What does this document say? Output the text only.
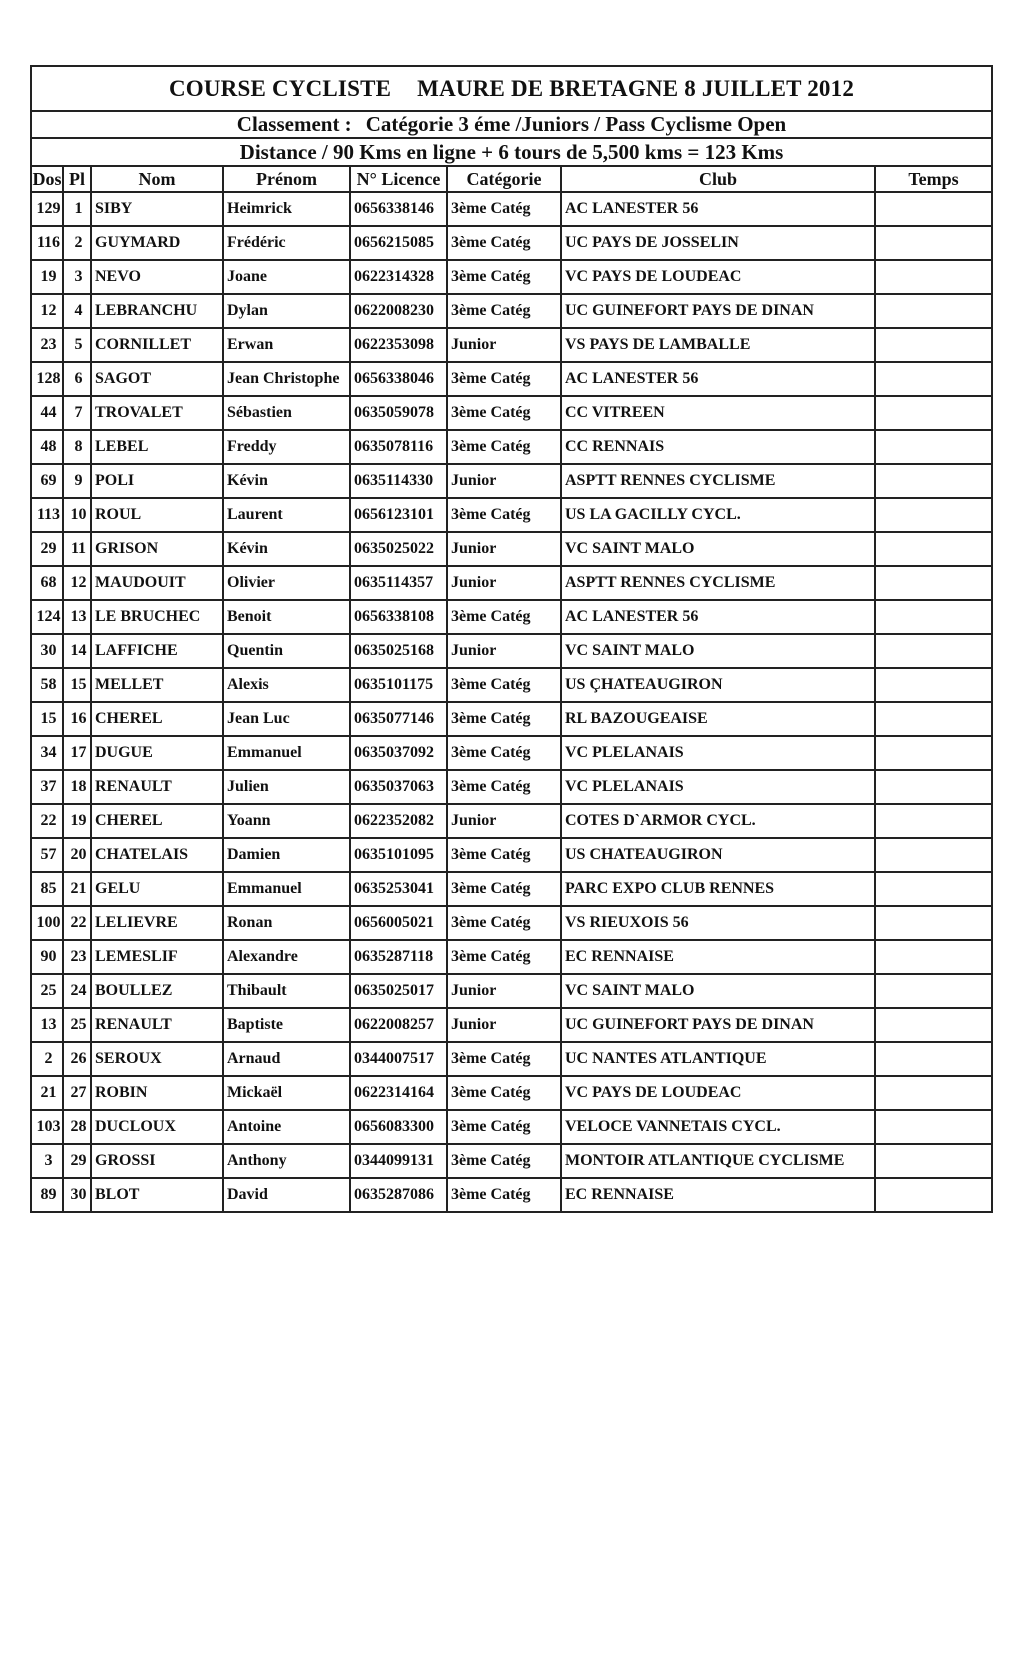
COURSE CYCLISTE MAURE DE BRETAGNE 8 JUILLET 2012
Classement : Catégorie 3 éme /Juniors / Pass Cyclisme Open
Distance / 90 Kms en ligne + 6 tours de 5,500 kms = 123 Kms
Dos	Pl	Nom	Prénom	N° Licence	Catégorie	Club	Temps
129	1	SIBY	Heimrick	0656338146	3ème Catég	AC LANESTER 56	
116	2	GUYMARD	Frédéric	0656215085	3ème Catég	UC PAYS DE JOSSELIN	
19	3	NEVO	Joane	0622314328	3ème Catég	VC PAYS DE LOUDEAC	
12	4	LEBRANCHU	Dylan	0622008230	3ème Catég	UC GUINEFORT PAYS DE DINAN	
23	5	CORNILLET	Erwan	0622353098	Junior	VS PAYS DE LAMBALLE	
128	6	SAGOT	Jean Christophe	0656338046	3ème Catég	AC LANESTER 56	
44	7	TROVALET	Sébastien	0635059078	3ème Catég	CC VITREEN	
48	8	LEBEL	Freddy	0635078116	3ème Catég	CC RENNAIS	
69	9	POLI	Kévin	0635114330	Junior	ASPTT RENNES CYCLISME	
113	10	ROUL	Laurent	0656123101	3ème Catég	US LA GACILLY CYCL.	
29	11	GRISON	Kévin	0635025022	Junior	VC SAINT MALO	
68	12	MAUDOUIT	Olivier	0635114357	Junior	ASPTT RENNES CYCLISME	
124	13	LE BRUCHEC	Benoit	0656338108	3ème Catég	AC LANESTER 56	
30	14	LAFFICHE	Quentin	0635025168	Junior	VC SAINT MALO	
58	15	MELLET	Alexis	0635101175	3ème Catég	US ÇHATEAUGIRON	
15	16	CHEREL	Jean Luc	0635077146	3ème Catég	RL BAZOUGEAISE	
34	17	DUGUE	Emmanuel	0635037092	3ème Catég	VC PLELANAIS	
37	18	RENAULT	Julien	0635037063	3ème Catég	VC PLELANAIS	
22	19	CHEREL	Yoann	0622352082	Junior	COTES D`ARMOR CYCL.	
57	20	CHATELAIS	Damien	0635101095	3ème Catég	US CHATEAUGIRON	
85	21	GELU	Emmanuel	0635253041	3ème Catég	PARC EXPO CLUB RENNES	
100	22	LELIEVRE	Ronan	0656005021	3ème Catég	VS RIEUXOIS 56	
90	23	LEMESLIF	Alexandre	0635287118	3ème Catég	EC RENNAISE	
25	24	BOULLEZ	Thibault	0635025017	Junior	VC SAINT MALO	
13	25	RENAULT	Baptiste	0622008257	Junior	UC GUINEFORT PAYS DE DINAN	
2	26	SEROUX	Arnaud	0344007517	3ème Catég	UC NANTES ATLANTIQUE	
21	27	ROBIN	Mickaël	0622314164	3ème Catég	VC PAYS DE LOUDEAC	
103	28	DUCLOUX	Antoine	0656083300	3ème Catég	VELOCE VANNETAIS CYCL.	
3	29	GROSSI	Anthony	0344099131	3ème Catég	MONTOIR ATLANTIQUE CYCLISME	
89	30	BLOT	David	0635287086	3ème Catég	EC RENNAISE	
